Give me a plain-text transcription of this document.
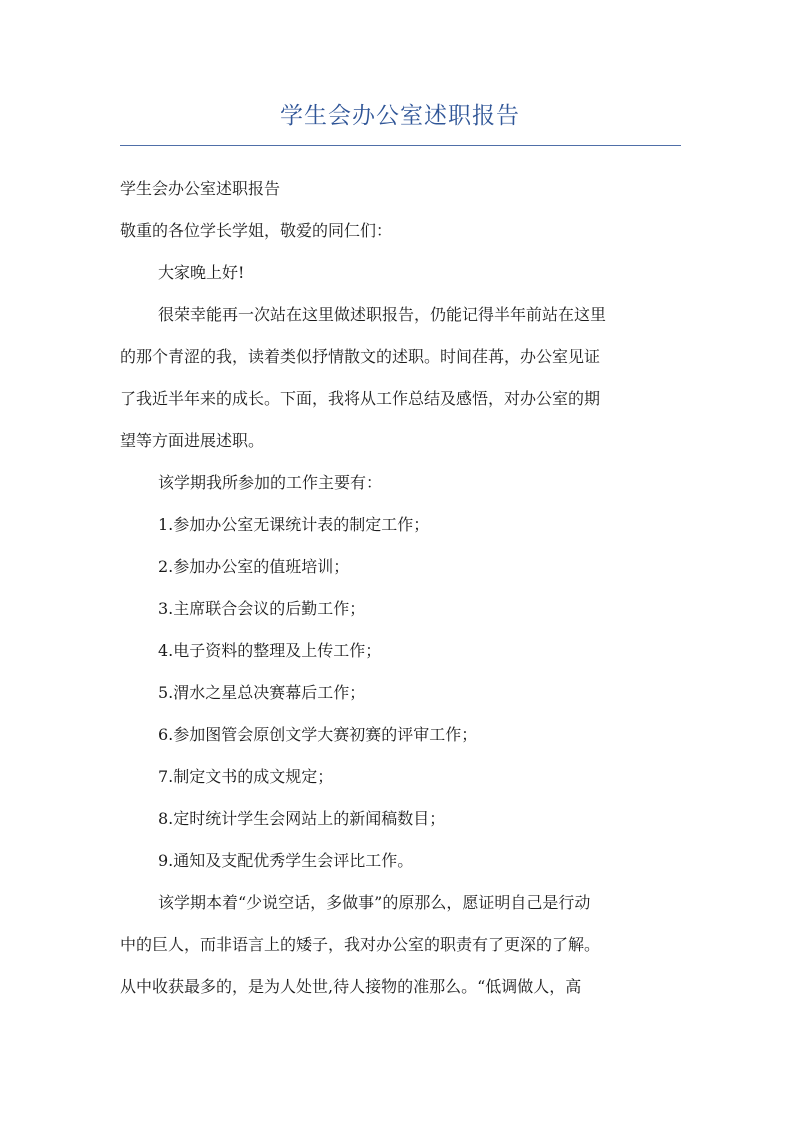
学生会办公室述职报告
学生会办公室述职报告
敬重的各位学长学姐，敬爱的同仁们：
大家晚上好!
很荣幸能再一次站在这里做述职报告，仍能记得半年前站在这里
的那个青涩的我，读着类似抒情散文的述职。时间荏苒，办公室见证
了我近半年来的成长。下面，我将从工作总结及感悟，对办公室的期
望等方面进展述职。
该学期我所参加的工作主要有：
1.参加办公室无课统计表的制定工作；
2.参加办公室的值班培训；
3.主席联合会议的后勤工作；
4.电子资料的整理及上传工作；
5.渭水之星总决赛幕后工作；
6.参加图管会原创文学大赛初赛的评审工作；
7.制定文书的成文规定；
8.定时统计学生会网站上的新闻稿数目；
9.通知及支配优秀学生会评比工作。
该学期本着“少说空话，多做事”的原那么，愿证明自己是行动
中的巨人，而非语言上的矮子，我对办公室的职责有了更深的了解。
从中收获最多的，是为人处世,待人接物的准那么。“低调做人，高
